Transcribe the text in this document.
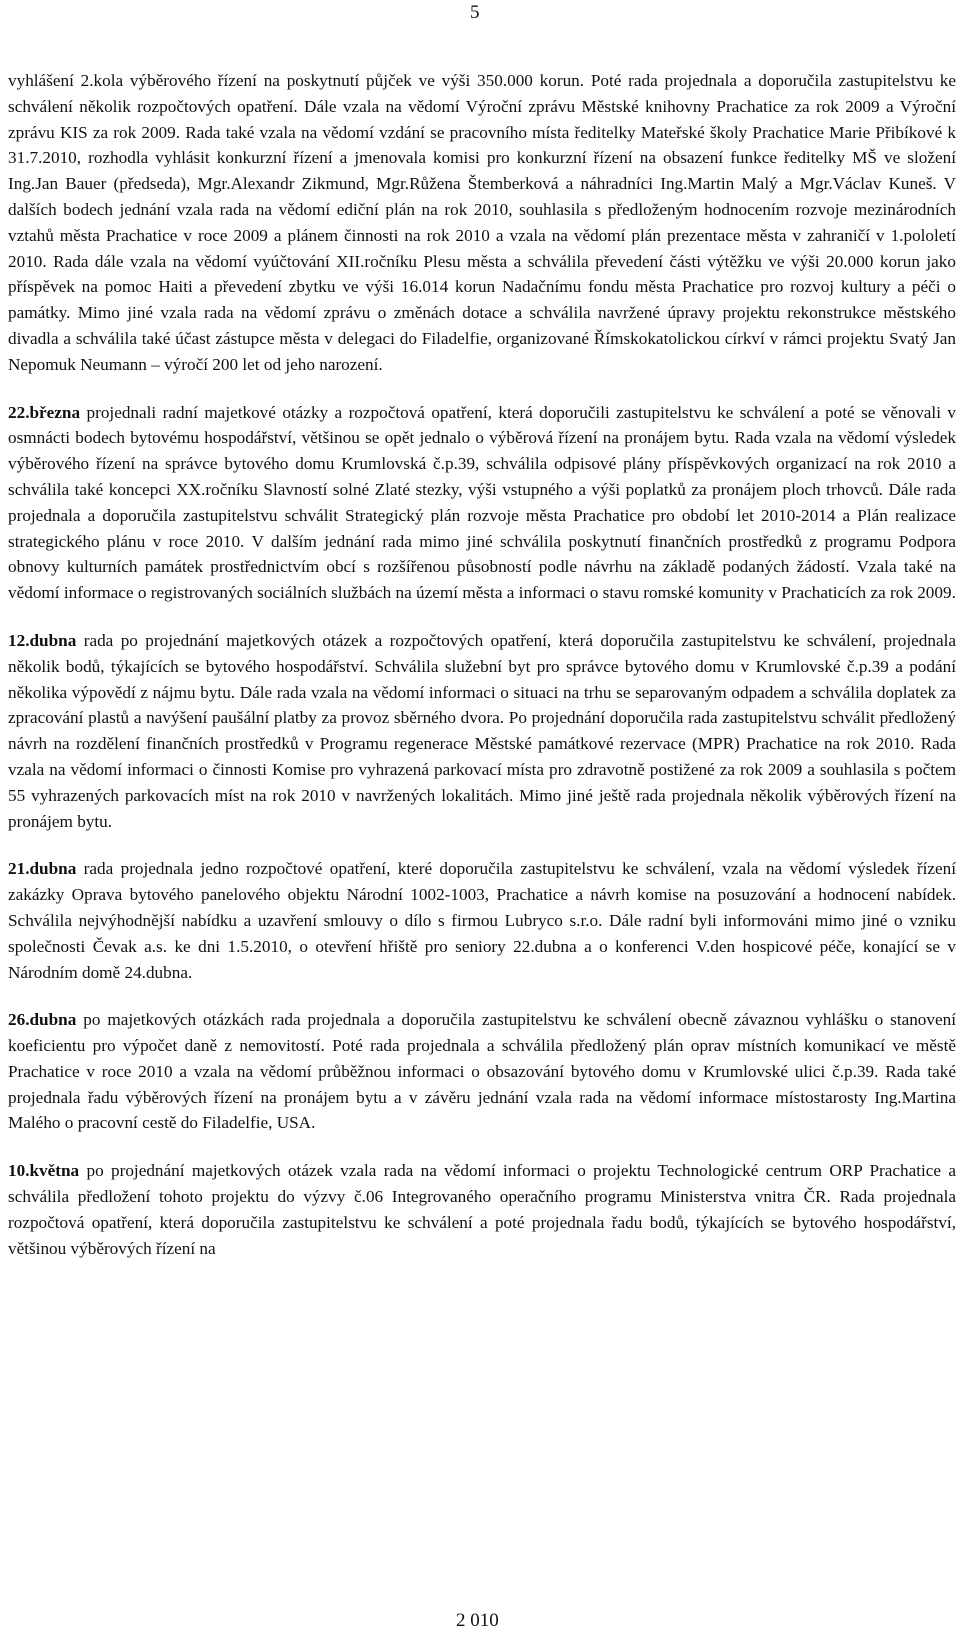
5

vyhlášení 2.kola výběrového řízení na poskytnutí půjček ve výši 350.000 korun. Poté rada projednala a doporučila zastupitelstvu ke schválení několik rozpočtových opatření. Dále vzala na vědomí Výroční zprávu Městské knihovny Prachatice za rok 2009 a Výroční zprávu KIS za rok 2009. Rada také vzala na vědomí vzdání se pracovního místa ředitelky Mateřské školy Prachatice Marie Přibíkové k 31.7.2010, rozhodla vyhlásit konkurzní řízení a jmenovala komisi pro konkurzní řízení na obsazení funkce ředitelky MŠ ve složení Ing.Jan Bauer (předseda), Mgr.Alexandr Zikmund, Mgr.Růžena Štemberková a náhradníci Ing.Martin Malý a Mgr.Václav Kuneš. V dalších bodech jednání vzala rada na vědomí ediční plán na rok 2010, souhlasila s předloženým hodnocením rozvoje mezinárodních vztahů města Prachatice v roce 2009 a plánem činnosti na rok 2010 a vzala na vědomí plán prezentace města v zahraničí v 1.pololetí 2010. Rada dále vzala na vědomí vyúčtování XII.ročníku Plesu města a schválila převedení části výtěžku ve výši 20.000 korun jako příspěvek na pomoc Haiti a převedení zbytku ve výši 16.014 korun Nadačnímu fondu města Prachatice pro rozvoj kultury a péči o památky. Mimo jiné vzala rada na vědomí zprávu o změnách dotace a schválila navržené úpravy projektu rekonstrukce městského divadla a schválila také účast zástupce města v delegaci do Filadelfie, organizované Římskokatolickou církví v rámci projektu Svatý Jan Nepomuk Neumann – výročí 200 let od jeho narození.

22.března projednali radní majetkové otázky a rozpočtová opatření, která doporučili zastupitelstvu ke schválení a poté se věnovali v osmnácti bodech bytovému hospodářství, většinou se opět jednalo o výběrová řízení na pronájem bytu. Rada vzala na vědomí výsledek výběrového řízení na správce bytového domu Krumlovská č.p.39, schválila odpisové plány příspěvkových organizací na rok 2010 a schválila také koncepci XX.ročníku Slavností solné Zlaté stezky, výši vstupného a výši poplatků za pronájem ploch trhovců. Dále rada projednala a doporučila zastupitelstvu schválit Strategický plán rozvoje města Prachatice pro období let 2010-2014 a Plán realizace strategického plánu v roce 2010. V dalším jednání rada mimo jiné schválila poskytnutí finančních prostředků z programu Podpora obnovy kulturních památek prostřednictvím obcí s rozšířenou působností podle návrhu na základě podaných žádostí. Vzala také na vědomí informace o registrovaných sociálních službách na území města a informaci o stavu romské komunity v Prachaticích za rok 2009.

12.dubna rada po projednání majetkových otázek a rozpočtových opatření, která doporučila zastupitelstvu ke schválení, projednala několik bodů, týkajících se bytového hospodářství. Schválila služební byt pro správce bytového domu v Krumlovské č.p.39 a podání několika výpovědí z nájmu bytu. Dále rada vzala na vědomí informaci o situaci na trhu se separovaným odpadem a schválila doplatek za zpracování plastů a navýšení paušální platby za provoz sběrného dvora. Po projednání doporučila rada zastupitelstvu schválit předložený návrh na rozdělení finančních prostředků v Programu regenerace Městské památkové rezervace (MPR) Prachatice na rok 2010. Rada vzala na vědomí informaci o činnosti Komise pro vyhrazená parkovací místa pro zdravotně postižené za rok 2009 a souhlasila s počtem 55 vyhrazených parkovacích míst na rok 2010 v navržených lokalitách. Mimo jiné ještě rada projednala několik výběrových řízení na pronájem bytu.

21.dubna rada projednala jedno rozpočtové opatření, které doporučila zastupitelstvu ke schválení, vzala na vědomí výsledek řízení zakázky Oprava bytového panelového objektu Národní 1002-1003, Prachatice a návrh komise na posuzování a hodnocení nabídek. Schválila nejvýhodnější nabídku a uzavření smlouvy o dílo s firmou Lubryco s.r.o. Dále radní byli informováni mimo jiné o vzniku společnosti Čevak a.s. ke dni 1.5.2010, o otevření hřiště pro seniory 22.dubna a o konferenci V.den hospicové péče, konající se v Národním domě 24.dubna.

26.dubna po majetkových otázkách rada projednala a doporučila zastupitelstvu ke schválení obecně závaznou vyhlášku o stanovení koeficientu pro výpočet daně z nemovitostí. Poté rada projednala a schválila předložený plán oprav místních komunikací ve městě Prachatice v roce 2010 a vzala na vědomí průběžnou informaci o obsazování bytového domu v Krumlovské ulici č.p.39. Rada také projednala řadu výběrových řízení na pronájem bytu a v závěru jednání vzala rada na vědomí informace místostarosty Ing.Martina Malého o pracovní cestě do Filadelfie, USA.

10.května po projednání majetkových otázek vzala rada na vědomí informaci o projektu Technologické centrum ORP Prachatice a schválila předložení tohoto projektu do výzvy č.06 Integrovaného operačního programu Ministerstva vnitra ČR. Rada projednala rozpočtová opatření, která doporučila zastupitelstvu ke schválení a poté projednala řadu bodů, týkajících se bytového hospodářství, většinou výběrových řízení na

2 010
